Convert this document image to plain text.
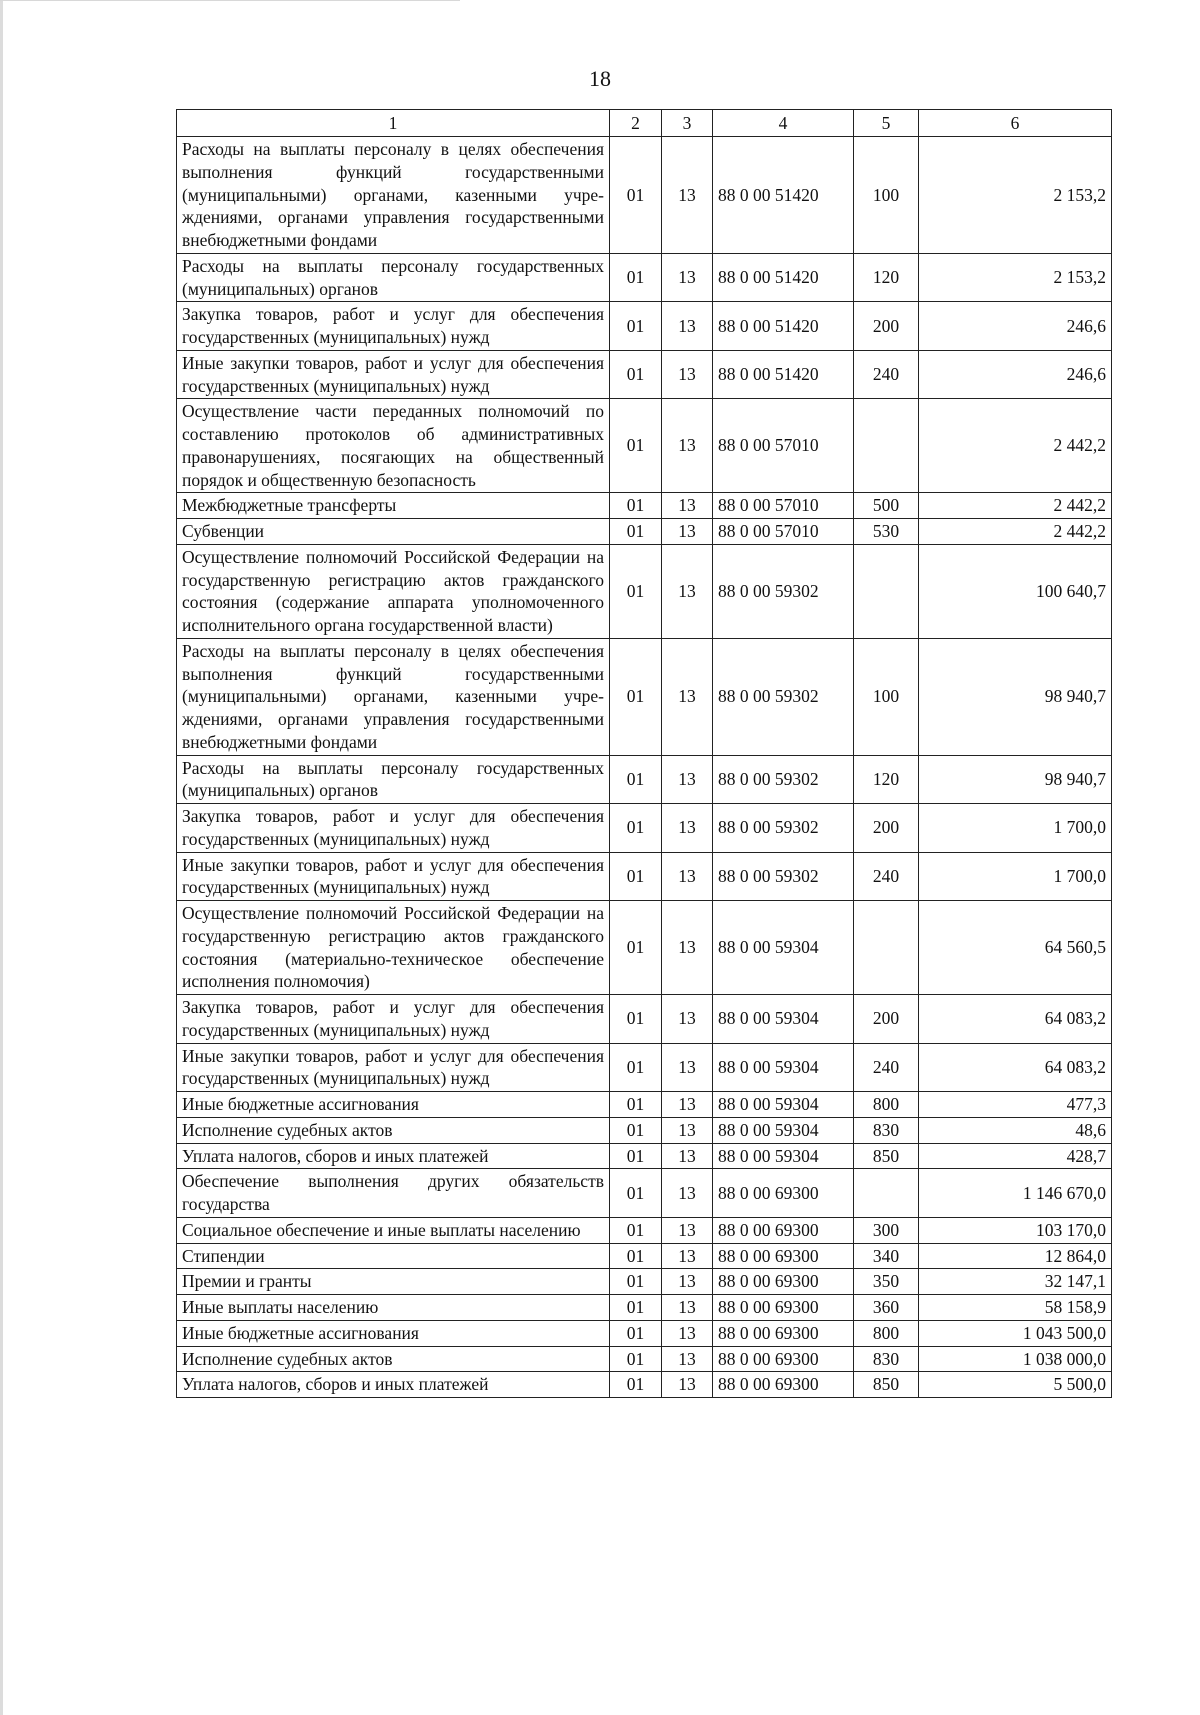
18
1	2	3	4	5	6
Расходы на выплаты персоналу в целях обеспечения выполнения функций государственными (муниципальными) органами, казенными учреждениями, органами управления государственными внебюджетными фондами	01	13	88 0 00 51420	100	2 153,2
Расходы на выплаты персоналу государственных (муниципальных) органов	01	13	88 0 00 51420	120	2 153,2
Закупка товаров, работ и услуг для обеспечения государственных (муниципальных) нужд	01	13	88 0 00 51420	200	246,6
Иные закупки товаров, работ и услуг для обеспечения государственных (муниципальных) нужд	01	13	88 0 00 51420	240	246,6
Осуществление части переданных полномочий по составлению протоколов об административных правонарушениях, посягающих на общественный порядок и общественную безопасность	01	13	88 0 00 57010		2 442,2
Межбюджетные трансферты	01	13	88 0 00 57010	500	2 442,2
Субвенции	01	13	88 0 00 57010	530	2 442,2
Осуществление полномочий Российской Федерации на государственную регистрацию актов гражданского состояния (содержание аппарата уполномоченного исполнительного органа государственной власти)	01	13	88 0 00 59302		100 640,7
Расходы на выплаты персоналу в целях обеспечения выполнения функций государственными (муниципальными) органами, казенными учреждениями, органами управления государственными внебюджетными фондами	01	13	88 0 00 59302	100	98 940,7
Расходы на выплаты персоналу государственных (муниципальных) органов	01	13	88 0 00 59302	120	98 940,7
Закупка товаров, работ и услуг для обеспечения государственных (муниципальных) нужд	01	13	88 0 00 59302	200	1 700,0
Иные закупки товаров, работ и услуг для обеспечения государственных (муниципальных) нужд	01	13	88 0 00 59302	240	1 700,0
Осуществление полномочий Российской Федерации на государственную регистрацию актов гражданского состояния (материально-техническое обеспечение исполнения полномочия)	01	13	88 0 00 59304		64 560,5
Закупка товаров, работ и услуг для обеспечения государственных (муниципальных) нужд	01	13	88 0 00 59304	200	64 083,2
Иные закупки товаров, работ и услуг для обеспечения государственных (муниципальных) нужд	01	13	88 0 00 59304	240	64 083,2
Иные бюджетные ассигнования	01	13	88 0 00 59304	800	477,3
Исполнение судебных актов	01	13	88 0 00 59304	830	48,6
Уплата налогов, сборов и иных платежей	01	13	88 0 00 59304	850	428,7
Обеспечение выполнения других обязательств государства	01	13	88 0 00 69300		1 146 670,0
Социальное обеспечение и иные выплаты населению	01	13	88 0 00 69300	300	103 170,0
Стипендии	01	13	88 0 00 69300	340	12 864,0
Премии и гранты	01	13	88 0 00 69300	350	32 147,1
Иные выплаты населению	01	13	88 0 00 69300	360	58 158,9
Иные бюджетные ассигнования	01	13	88 0 00 69300	800	1 043 500,0
Исполнение судебных актов	01	13	88 0 00 69300	830	1 038 000,0
Уплата налогов, сборов и иных платежей	01	13	88 0 00 69300	850	5 500,0
